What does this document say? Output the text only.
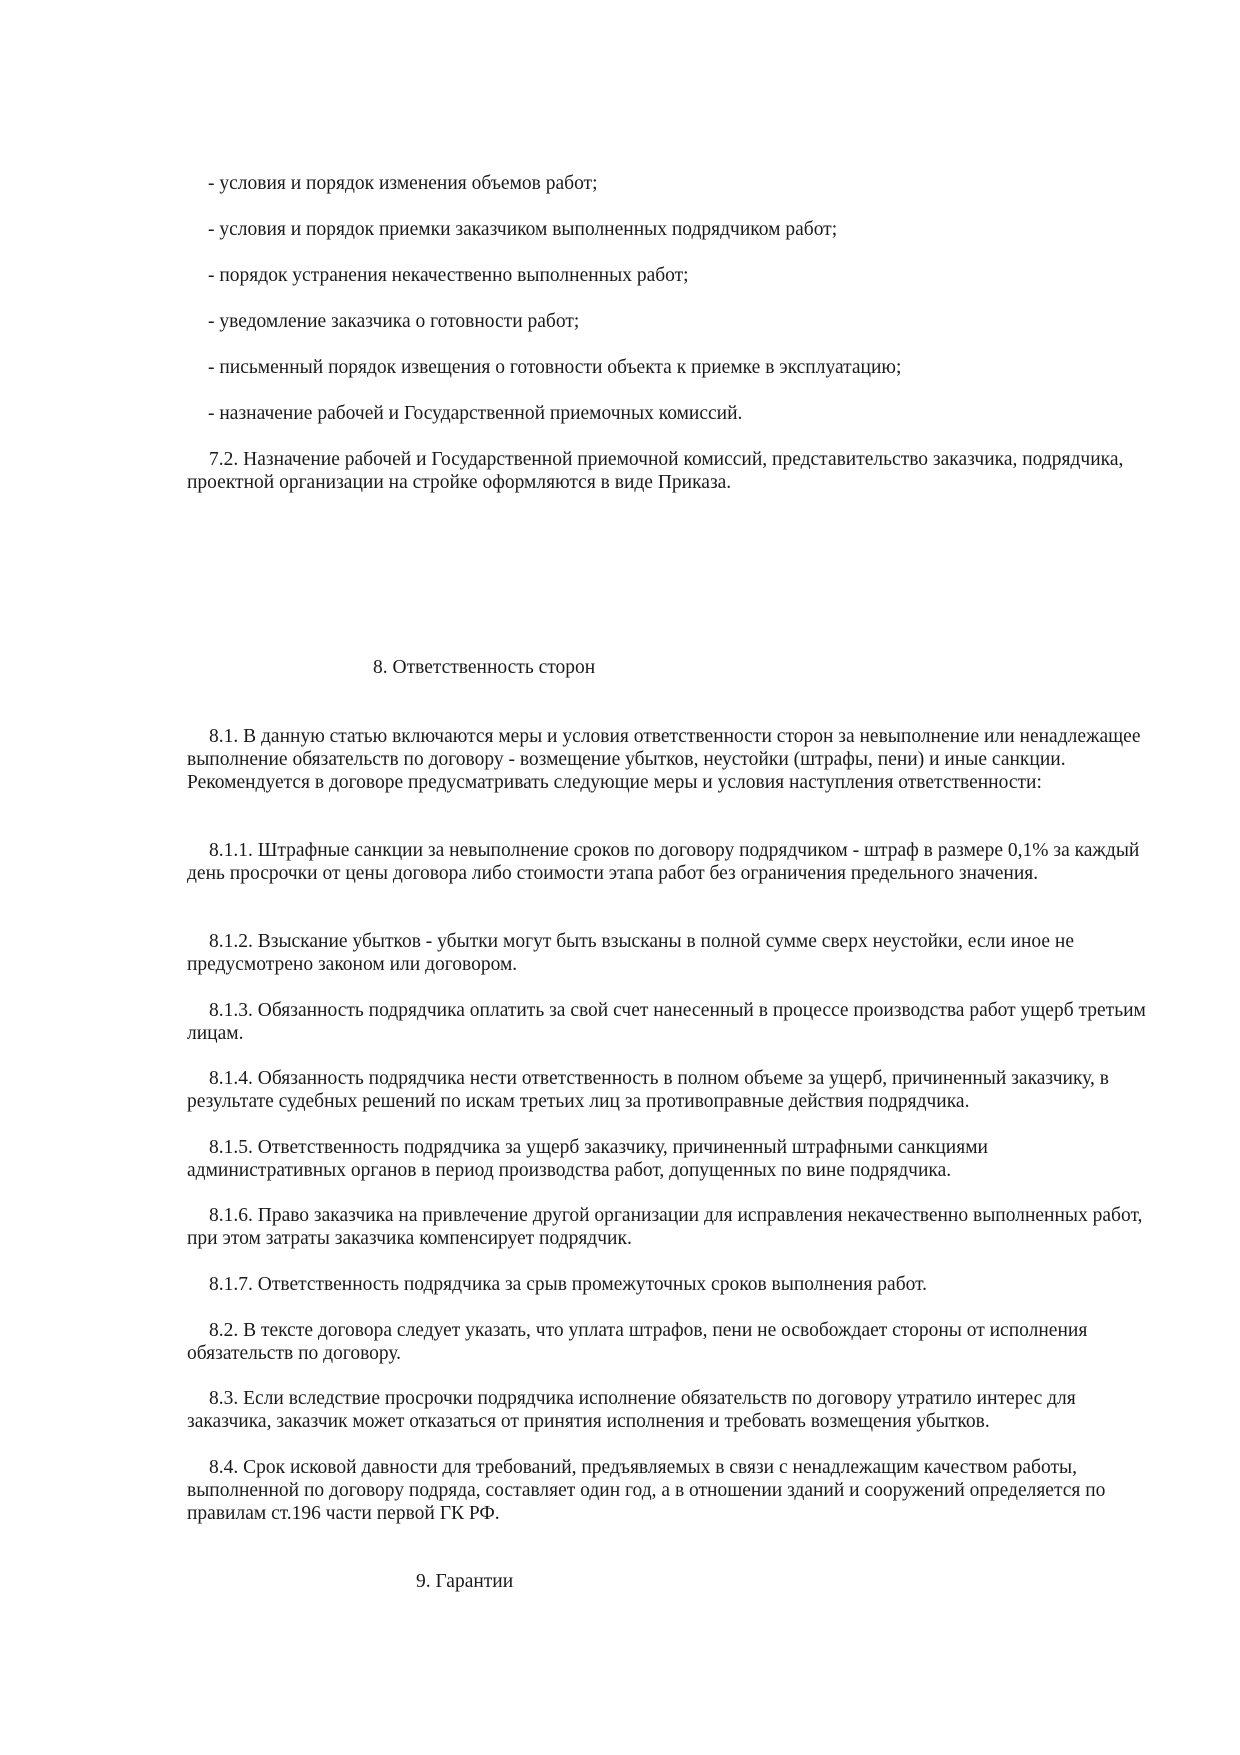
- условия и порядок изменения объемов работ;
- условия и порядок приемки заказчиком выполненных подрядчиком работ;
- порядок устранения некачественно выполненных работ;
- уведомление заказчика о готовности работ;
- письменный порядок извещения о готовности объекта к приемке в эксплуатацию;
- назначение рабочей и Государственной приемочных комиссий.
7.2. Назначение рабочей и Государственной приемочной комиссий, представительство заказчика, подрядчика, проектной организации на стройке оформляются в виде Приказа.
8. Ответственность сторон
8.1. В данную статью включаются меры и условия ответственности сторон за невыполнение или ненадлежащее выполнение обязательств по договору - возмещение убытков, неустойки (штрафы, пени) и иные санкции. Рекомендуется в договоре предусматривать следующие меры и условия наступления ответственности:
8.1.1. Штрафные санкции за невыполнение сроков по договору подрядчиком - штраф в размере 0,1% за каждый день просрочки от цены договора либо стоимости этапа работ без ограничения предельного значения.
8.1.2. Взыскание убытков - убытки могут быть взысканы в полной сумме сверх неустойки, если иное не предусмотрено законом или договором.
8.1.3. Обязанность подрядчика оплатить за свой счет нанесенный в процессе производства работ ущерб третьим лицам.
8.1.4. Обязанность подрядчика нести ответственность в полном объеме за ущерб, причиненный заказчику, в результате судебных решений по искам третьих лиц за противоправные действия подрядчика.
8.1.5. Ответственность подрядчика за ущерб заказчику, причиненный штрафными санкциями административных органов в период производства работ, допущенных по вине подрядчика.
8.1.6. Право заказчика на привлечение другой организации для исправления некачественно выполненных работ, при этом затраты заказчика компенсирует подрядчик.
8.1.7. Ответственность подрядчика за срыв промежуточных сроков выполнения работ.
8.2. В тексте договора следует указать, что уплата штрафов, пени не освобождает стороны от исполнения обязательств по договору.
8.3. Если вследствие просрочки подрядчика исполнение обязательств по договору утратило интерес для заказчика, заказчик может отказаться от принятия исполнения и требовать возмещения убытков.
8.4. Срок исковой давности для требований, предъявляемых в связи с ненадлежащим качеством работы, выполненной по договору подряда, составляет один год, а в отношении зданий и сооружений определяется по правилам ст.196 части первой ГК РФ.
9. Гарантии
